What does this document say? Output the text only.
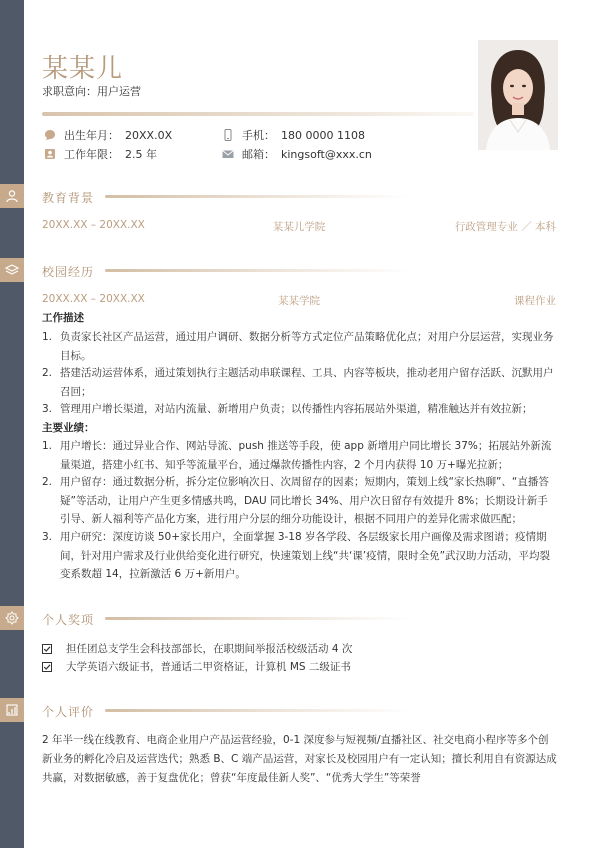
某某儿
求职意向：用户运营
出生年月： 20XX.0X
工作年限： 2.5 年
手机： 180 0000 1108
邮箱： kingsoft@xxx.cn
教育背景
20XX.XX – 20XX.XX	某某儿学院	行政管理专业 ／ 本科
校园经历
20XX.XX – 20XX.XX	某某学院	课程作业
工作描述
1. 负责家长社区产品运营，通过用户调研、数据分析等方式定位产品策略优化点；对用户分层运营，实现业务目标。
2. 搭建活动运营体系，通过策划执行主题活动串联课程、工具、内容等板块，推动老用户留存活跃、沉默用户召回；
3. 管理用户增长渠道，对站内流量、新增用户负责；以传播性内容拓展站外渠道，精准触达并有效拉新；
主要业绩：
1. 用户增长：通过异业合作、网站导流、push 推送等手段，使 app 新增用户同比增长 37%；拓展站外新流量渠道，搭建小红书、知乎等流量平台，通过爆款传播性内容，2 个月内获得 10 万+曝光拉新；
2. 用户留存：通过数据分析，拆分定位影响次日、次周留存的因素；短期内，策划上线“家长热聊”、“直播答疑”等活动，让用户产生更多情感共鸣，DAU 同比增长 34%、用户次日留存有效提升 8%；长期设计新手引导、新人福利等产品化方案，进行用户分层的细分功能设计，根据不同用户的差异化需求做匹配；
3. 用户研究：深度访谈 50+家长用户，全面掌握 3-18 岁各学段、各层级家长用户画像及需求图谱；疫情期间，针对用户需求及行业供给变化进行研究，快速策划上线“共‘课’疫情，限时全免”武汉助力活动，平均裂变系数超 14，拉新激活 6 万+新用户。
个人奖项
担任团总支学生会科技部部长，在职期间举报活校级活动 4 次
大学英语六级证书，普通话二甲资格证，计算机 MS 二级证书
个人评价
2 年半一线在线教育、电商企业用户产品运营经验，0-1 深度参与短视频/直播社区、社交电商小程序等多个创新业务的孵化冷启及运营迭代；熟悉 B、C 端产品运营，对家长及校园用户有一定认知；擅长利用自有资源达成共赢，对数据敏感，善于复盘优化；曾获“年度最佳新人奖”、“优秀大学生”等荣誉
